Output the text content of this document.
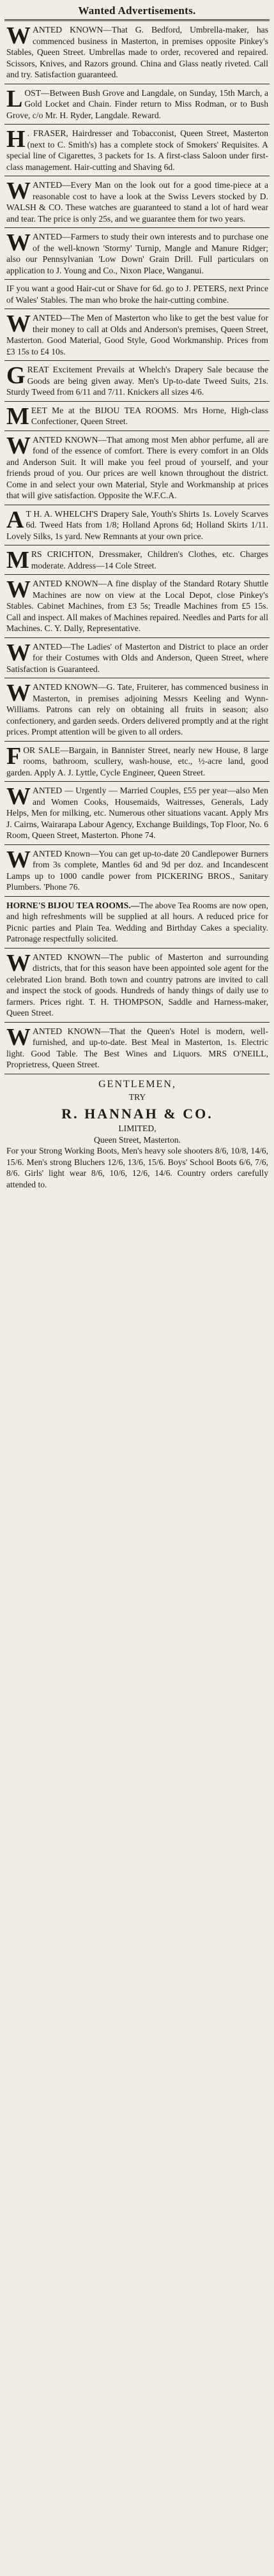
Wanted Advertisements.
WANTED KNOWN—That G. Bedford, Umbrella-maker, has commenced business in Masterton, in premises opposite Pinkey's Stables, Queen Street. Umbrellas made to order, recovered and repaired. Scissors, Knives, and Razors ground. China and Glass neatly riveted. Call and try. Satisfaction guaranteed.
LOST—Between Bush Grove and Langdale, on Sunday, 15th March, a Gold Locket and Chain. Finder return to Miss Rodman, or to Bush Grove, c/o Mr. H. Ryder, Langdale. Reward.
H . FRASER, Hairdresser and Tobacconist, Queen Street, Masterton (next to C. Smith's) has a complete stock of Smokers' Requisites. A special line of Cigarettes, 3 packets for 1s. A first-class Saloon under first-class management. Hair-cutting and Shaving 6d.
WANTED—Every Man on the look out for a good time-piece at a reasonable cost to have a look at the Swiss Levers stocked by D. WALSH & CO. These watches are guaranteed to stand a lot of hard wear and tear. The price is only 25s, and we guarantee them for two years.
WANTED—Farmers to study their own interests and to purchase one of the well-known 'Stormy' Turnip, Mangle and Manure Ridger; also our Pennsylvanian 'Low Down' Grain Drill. Full particulars on application to J. Young and Co., Nixon Place, Wanganui.
IF you want a good Hair-cut or Shave for 6d. go to J. PETERS, next Prince of Wales' Stables. The man who broke the hair-cutting combine.
WANTED—The Men of Masterton who like to get the best value for their money to call at Olds and Anderson's premises, Queen Street, Masterton. Good Material, Good Style, Good Workmanship. Prices from £3 15s to £4 10s.
GREAT Excitement Prevails at Whelch's Drapery Sale because the Goods are being given away. Men's Up-to-date Tweed Suits, 21s. Sturdy Tweed from 6/11 and 7/11. Knickers all sizes 4/6.
MEET Me at the BIJOU TEA ROOMS. Mrs Horne, High-class Confectioner, Queen Street.
WANTED KNOWN—That among most Men abhor perfume, all are fond of the essence of comfort. There is every comfort in an Olds and Anderson Suit. It will make you feel proud of yourself, and your friends proud of you. Our prices are well known throughout the district. Come in and select your own Material, Style and Workmanship at prices that will give satisfaction. Opposite the W.F.C.A.
A T H. A. WHELCH'S Drapery Sale, Youth's Shirts 1s. Lovely Scarves 6d. Tweed Hats from 1/8; Holland Aprons 6d; Holland Skirts 1/11. Lovely Silks, 1s yard. New Remnants at your own price.
MRS CRICHTON, Dressmaker, Children's Clothes, etc. Charges moderate. Address—14 Cole Street.
WANTED KNOWN—A fine display of the Standard Rotary Shuttle Machines are now on view at the Local Depot, close Pinkey's Stables. Cabinet Machines, from £3 5s; Treadle Machines from £5 15s. Call and inspect. All makes of Machines repaired. Needles and Parts for all Machines. C. Y. Dally, Representative.
WANTED—The Ladies' of Masterton and District to place an order for their Costumes with Olds and Anderson, Queen Street, where Satisfaction is Guaranteed.
WANTED KNOWN—G. Tate, Fruiterer, has commenced business in Masterton, in premises adjoining Messrs Keeling and Wynn-Williams. Patrons can rely on obtaining all fruits in season; also confectionery, and garden seeds. Orders delivered promptly and at the right prices. Prompt attention will be given to all orders.
FOR SALE—Bargain, in Bannister Street, nearly new House, 8 large rooms, bathroom, scullery, wash-house, etc., ½-acre land, good garden. Apply A. J. Lyttle, Cycle Engineer, Queen Street.
WANTED — Urgently — Married Couples, £55 per year—also Men and Women Cooks, Housemaids, Waitresses, Generals, Lady Helps, Men for milking, etc. Numerous other situations vacant. Apply Mrs J. Cairns, Wairarapa Labour Agency, Exchange Buildings, Top Floor, No. 6 Room, Queen Street, Masterton. Phone 74.
WANTED Known—You can get up-to-date 20 Candlepower Burners from 3s complete, Mantles 6d and 9d per doz. and Incandescent Lamps up to 1000 candle power from PICKERING BROS., Sanitary Plumbers. 'Phone 76.
HORNE'S BIJOU TEA ROOMS.—The above Tea Rooms are now open, and high refreshments will be supplied at all hours. A reduced price for Picnic parties and Plain Tea. Wedding and Birthday Cakes a speciality. Patronage respectfully solicited.
WANTED KNOWN—The public of Masterton and surrounding districts, that for this season have been appointed sole agent for the celebrated Lion brand. Both town and country patrons are invited to call and inspect the stock of goods. Hundreds of handy things of daily use to farmers. Prices right. T. H. THOMPSON, Saddle and Harness-maker, Queen Street.
WANTED KNOWN—That the Queen's Hotel is modern, well-furnished, and up-to-date. Best Meal in Masterton, 1s. Electric light. Good Table. The Best Wines and Liquors. MRS O'NEILL, Proprietress, Queen Street.
GENTLEMEN,
TRY
R. HANNAH & CO.
LIMITED,
Queen Street, Masterton.

For your Strong Working Boots, Men's heavy sole shooters 8/6, 10/8, 14/6, 15/6. Men's strong Bluchers 12/6, 13/6, 15/6. Boys' School Boots 6/6, 7/6, 8/6. Girls' light wear 8/6, 10/6, 12/6, 14/6. Country orders carefully attended to.
